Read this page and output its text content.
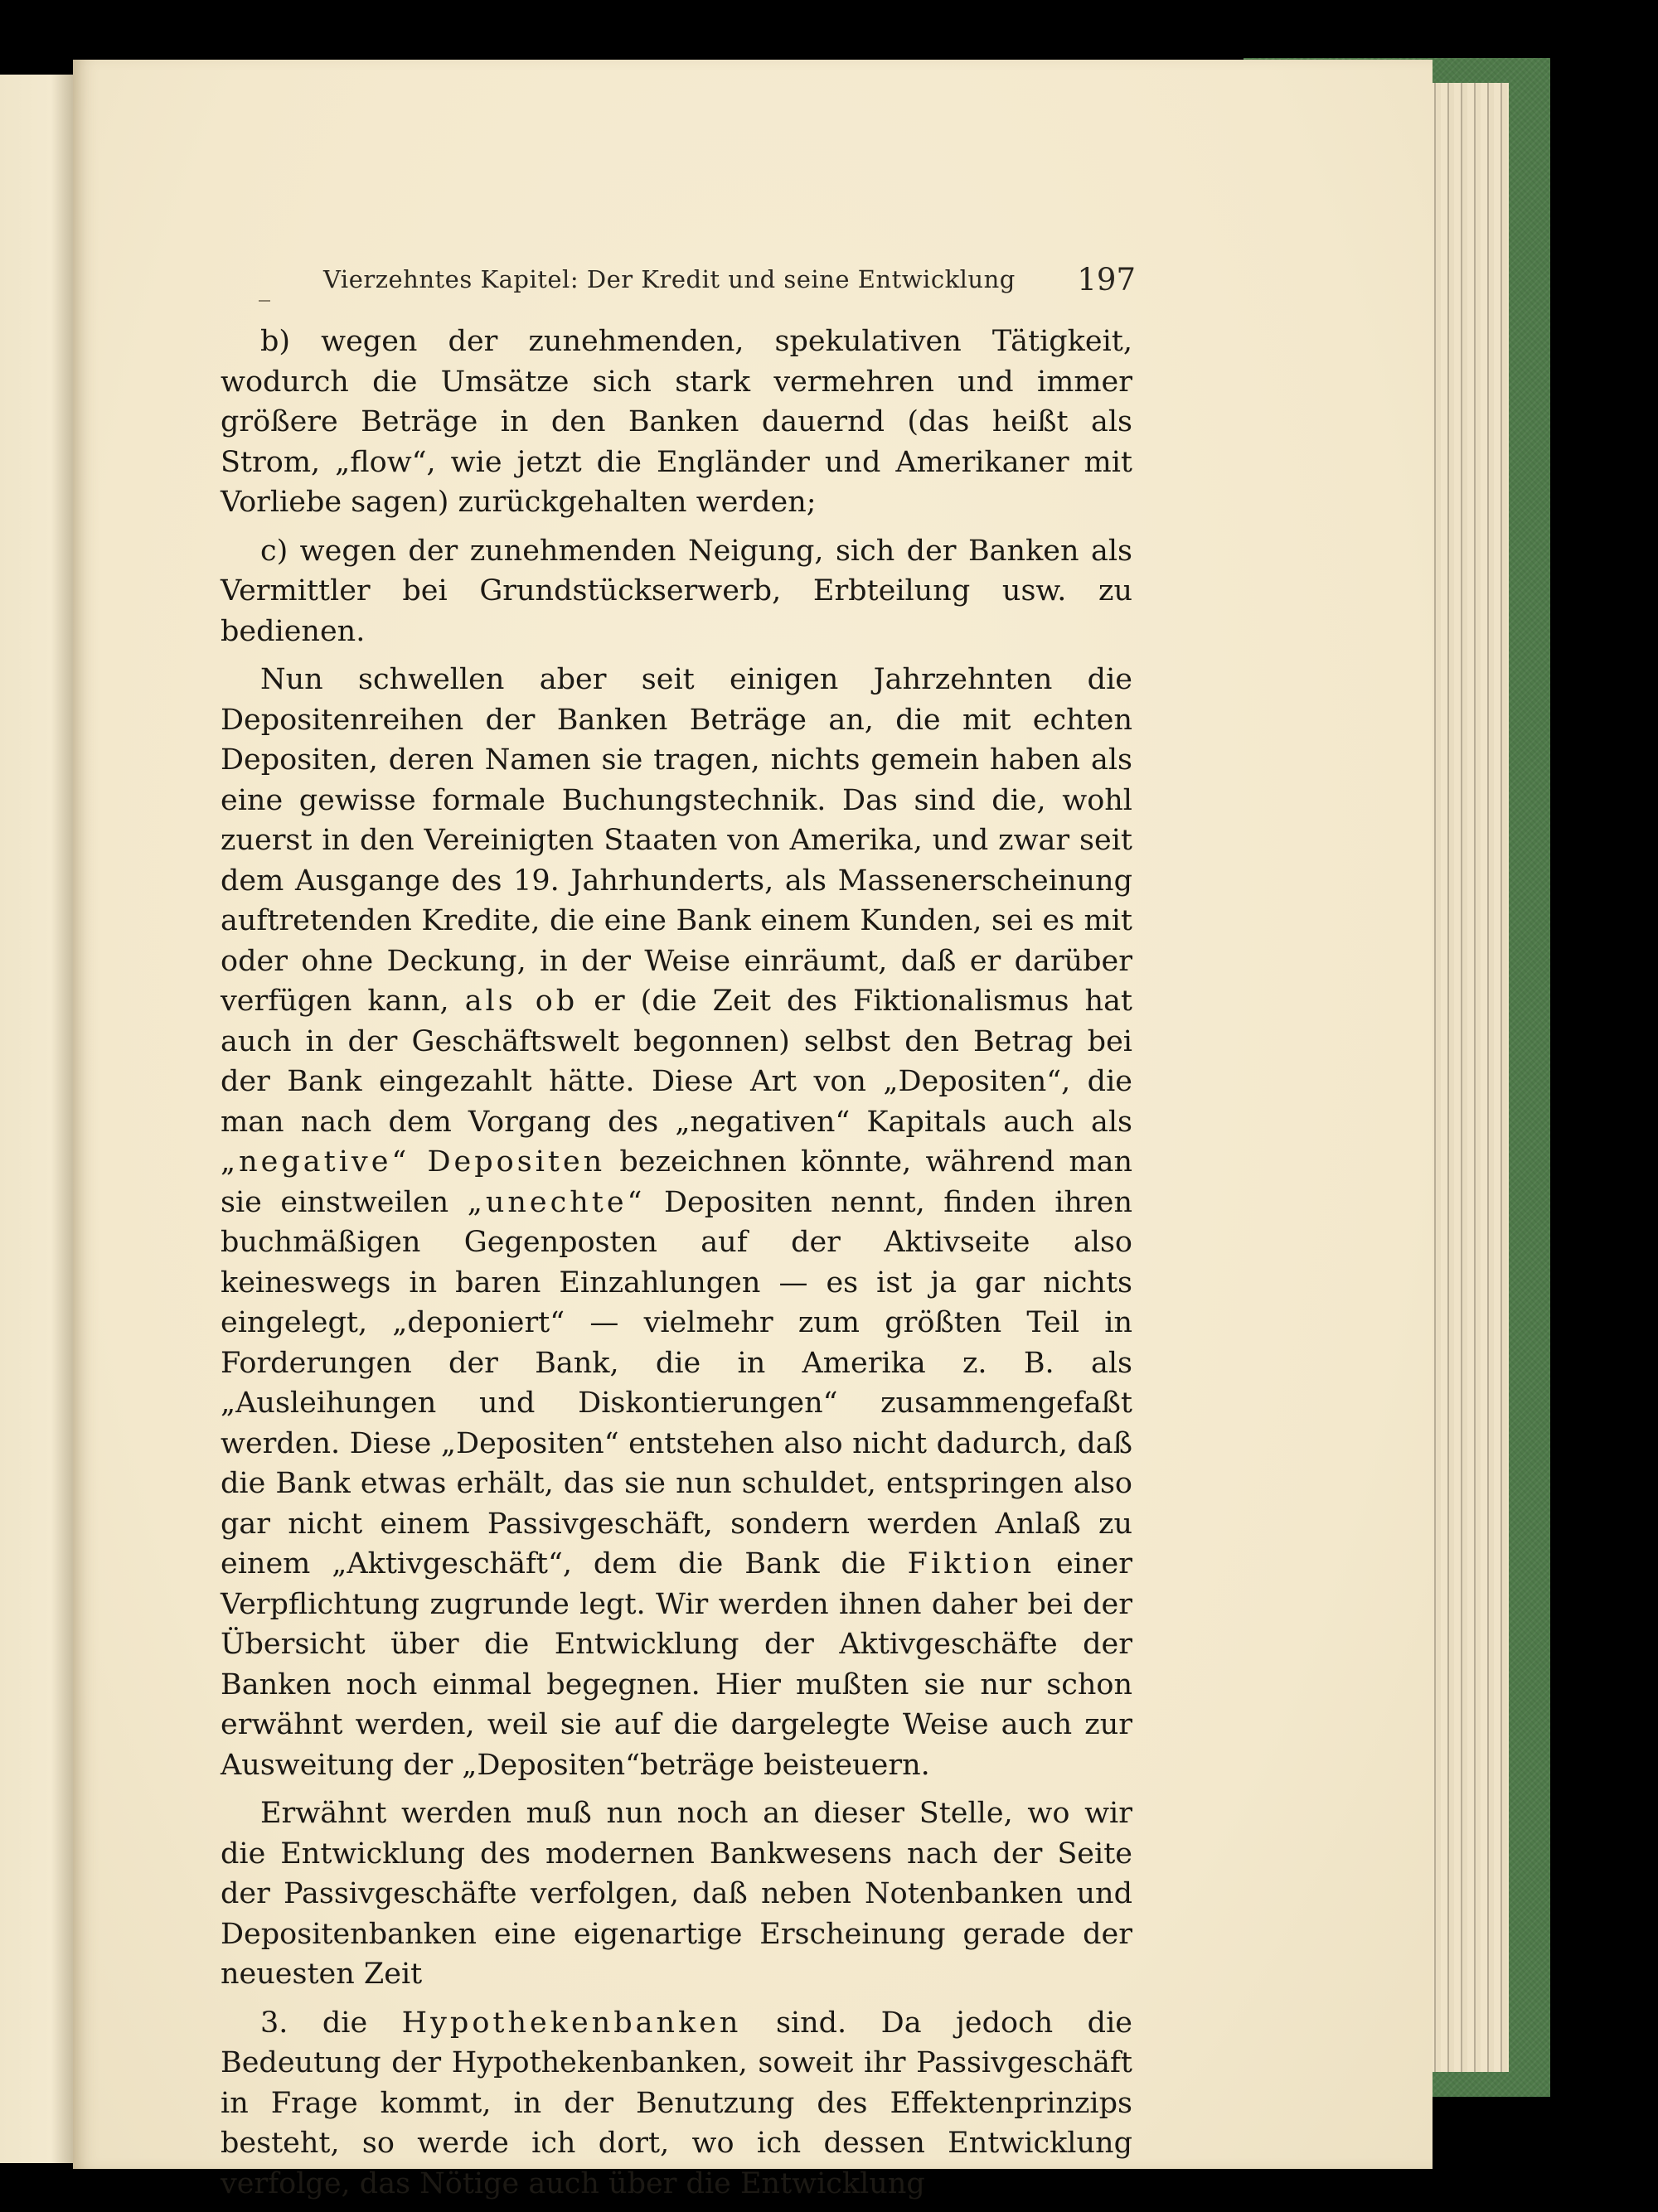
Vierzehntes Kapitel: Der Kredit und seine Entwicklung 197

b) wegen der zunehmenden, spekulativen Tätigkeit, wodurch die Umsätze sich stark vermehren und immer größere Beträge in den Banken dauernd (das heißt als Strom, „flow“, wie jetzt die Engländer und Amerikaner mit Vorliebe sagen) zurückgehalten werden;

c) wegen der zunehmenden Neigung, sich der Banken als Vermittler bei Grundstückserwerb, Erbteilung usw. zu bedienen.

Nun schwellen aber seit einigen Jahrzehnten die Depositenreihen der Banken Beträge an, die mit echten Depositen, deren Namen sie tragen, nichts gemein haben als eine gewisse formale Buchungstechnik. Das sind die, wohl zuerst in den Vereinigten Staaten von Amerika, und zwar seit dem Ausgange des 19. Jahrhunderts, als Massenerscheinung auftretenden Kredite, die eine Bank einem Kunden, sei es mit oder ohne Deckung, in der Weise einräumt, daß er darüber verfügen kann, als ob er (die Zeit des Fiktionalismus hat auch in der Geschäftswelt begonnen) selbst den Betrag bei der Bank eingezahlt hätte. Diese Art von „Depositen“, die man nach dem Vorgang des „negativen“ Kapitals auch als „negative“ Depositen bezeichnen könnte, während man sie einstweilen „unechte“ Depositen nennt, finden ihren buchmäßigen Gegenposten auf der Aktivseite also keineswegs in baren Einzahlungen — es ist ja gar nichts eingelegt, „deponiert“ — vielmehr zum größten Teil in Forderungen der Bank, die in Amerika z. B. als „Ausleihungen und Diskontierungen“ zusammengefaßt werden. Diese „Depositen“ entstehen also nicht dadurch, daß die Bank etwas erhält, das sie nun schuldet, entspringen also gar nicht einem Passivgeschäft, sondern werden Anlaß zu einem „Aktivgeschäft“, dem die Bank die Fiktion einer Verpflichtung zugrunde legt. Wir werden ihnen daher bei der Übersicht über die Entwicklung der Aktivgeschäfte der Banken noch einmal begegnen. Hier mußten sie nur schon erwähnt werden, weil sie auf die dargelegte Weise auch zur Ausweitung der „Depositen“beträge beisteuern.

Erwähnt werden muß nun noch an dieser Stelle, wo wir die Entwicklung des modernen Bankwesens nach der Seite der Passivgeschäfte verfolgen, daß neben Notenbanken und Depositenbanken eine eigenartige Erscheinung gerade der neuesten Zeit

3. die Hypothekenbanken sind. Da jedoch die Bedeutung der Hypothekenbanken, soweit ihr Passivgeschäft in Frage kommt, in der Benutzung des Effektenprinzips besteht, so werde ich dort, wo ich dessen Entwicklung verfolge, das Nötige auch über die Entwicklung
